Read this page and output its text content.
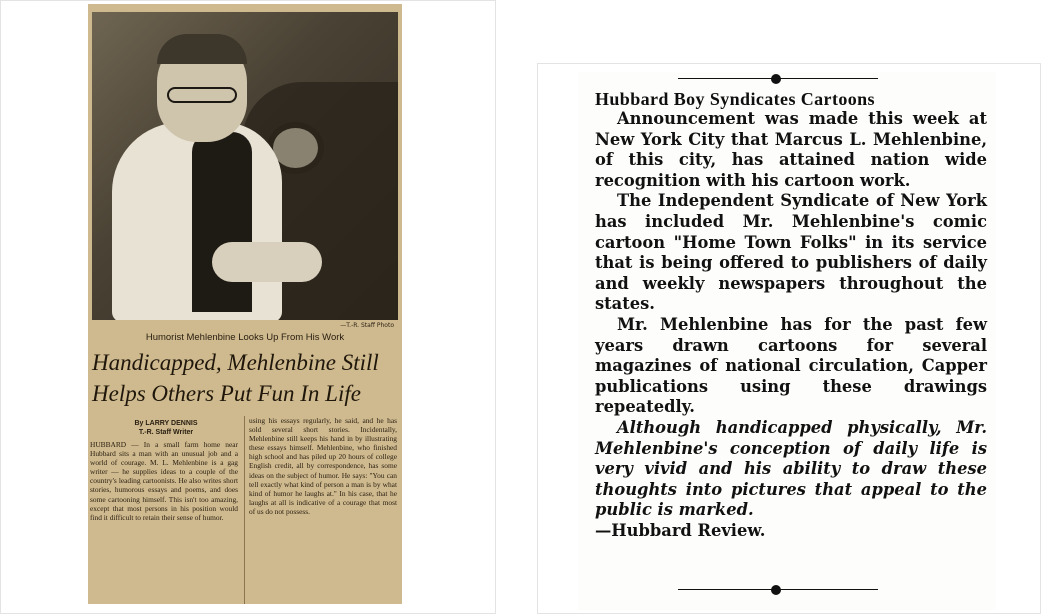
—T.-R. Staff Photo
Humorist Mehlenbine Looks Up From His Work
Handicapped, Mehlenbine Still
Helps Others Put Fun In Life
By LARRY DENNIS
T.-R. Staff Writer
HUBBARD — In a small farm home near Hubbard sits a man with an unusual job and a world of courage. M. L. Mehlenbine is a gag writer — he supplies ideas to a couple of the country's leading cartoonists. He also writes short stories, humorous essays and poems, and does some cartooning himself. This isn't too amazing, except that most persons in his position would find it difficult to retain their sense of humor.
using his essays regularly, he said, and he has sold several short stories. Incidentally, Mehlenbine still keeps his hand in by illustrating these essays himself. Mehlenbine, who finished high school and has piled up 20 hours of college English credit, all by correspondence, has some ideas on the subject of humor. He says: "You can tell exactly what kind of person a man is by what kind of humor he laughs at." In his case, that he laughs at all is indicative of a courage that most of us do not possess.
Hubbard Boy Syndicates Cartoons

Announcement was made this week at New York City that Marcus L. Mehlenbine, of this city, has attained nation wide recognition with his cartoon work.

The Independent Syndicate of New York has included Mr. Mehlenbine's comic cartoon "Home Town Folks" in its service that is being offered to publishers of daily and weekly newspapers throughout the states.

Mr. Mehlenbine has for the past few years drawn cartoons for several magazines of national circulation, Capper publications using these drawings repeatedly.

Although handicapped physically, Mr. Mehlenbine's conception of daily life is very vivid and his ability to draw these thoughts into pictures that appeal to the public is marked.

—Hubbard Review.
